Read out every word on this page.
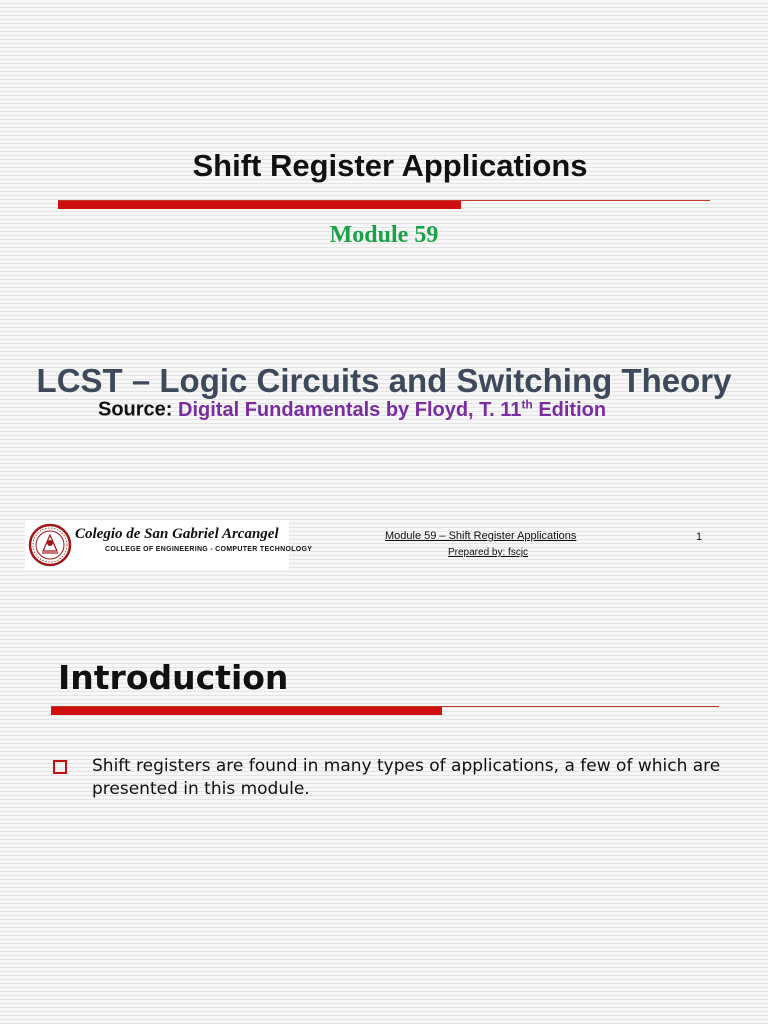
Shift Register Applications
Module 59
LCST – Logic Circuits and Switching Theory
Source: Digital Fundamentals by Floyd, T. 11th Edition
Colegio de San Gabriel Arcangel
COLLEGE OF ENGINEERING - COMPUTER TECHNOLOGY
Module 59 – Shift Register Applications
Prepared by: fscjc
1
Introduction
Shift registers are found in many types of applications, a few of which are presented in this module.
